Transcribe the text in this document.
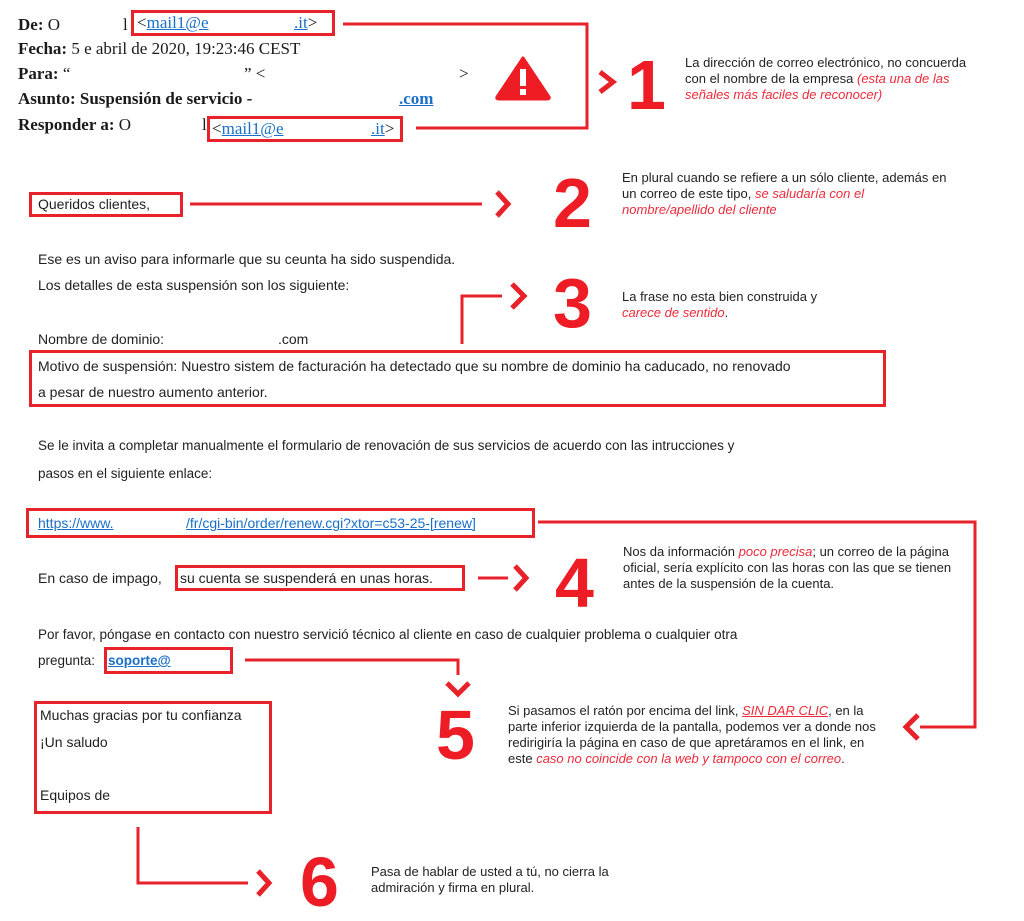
De: O	l <mail1@e	.it>
Fecha: 5 e abril de 2020, 19:23:46 CEST
Para: “	” <	>
Asunto: Suspensión de servicio -	.com
Responder a: O	l <mail1@e	.it>
1 La dirección de correo electrónico, no concuerda con el nombre de la empresa (esta una de las señales más faciles de reconocer)
Queridos clientes,	2 En plural cuando se refiere a un sólo cliente, además en un correo de este tipo, se saludaría con el nombre/apellido del cliente
Ese es un aviso para informarle que su ceunta ha sido suspendida.
Los detalles de esta suspensión son los siguiente:	3 La frase no esta bien construida y
carece de sentido.
Nombre de dominio:	.com
Motivo de suspensión: Nuestro sistem de facturación ha detectado que su nombre de dominio ha caducado, no renovado
a pesar de nuestro aumento anterior.
Se le invita a completar manualmente el formulario de renovación de sus servicios de acuerdo con las intrucciones y
pasos en el siguiente enlace:
https://www.	/fr/cgi-bin/order/renew.cgi?xtor=c53-25-[renew]
En caso de impago, su cuenta se suspenderá en unas horas. 4 Nos da información poco precisa; un correo de la página oficial, sería explícito con las horas con las que se tienen antes de la suspensión de la cuenta.
Por favor, póngase en contacto con nuestro servició técnico al cliente en caso de cualquier problema o cualquier otra
pregunta: soporte@
5	Si pasamos el ratón por encima del link, SIN DAR CLIC, en la parte inferior izquierda de la pantalla, podemos ver a donde nos redirigiría la página en caso de que apretáramos en el link, en este caso no coincide con la web y tampoco con el correo.
Muchas gracias por tu confianza
¡Un saludo
Equipos de
6 Pasa de hablar de usted a tú, no cierra la admiración y firma en plural.
